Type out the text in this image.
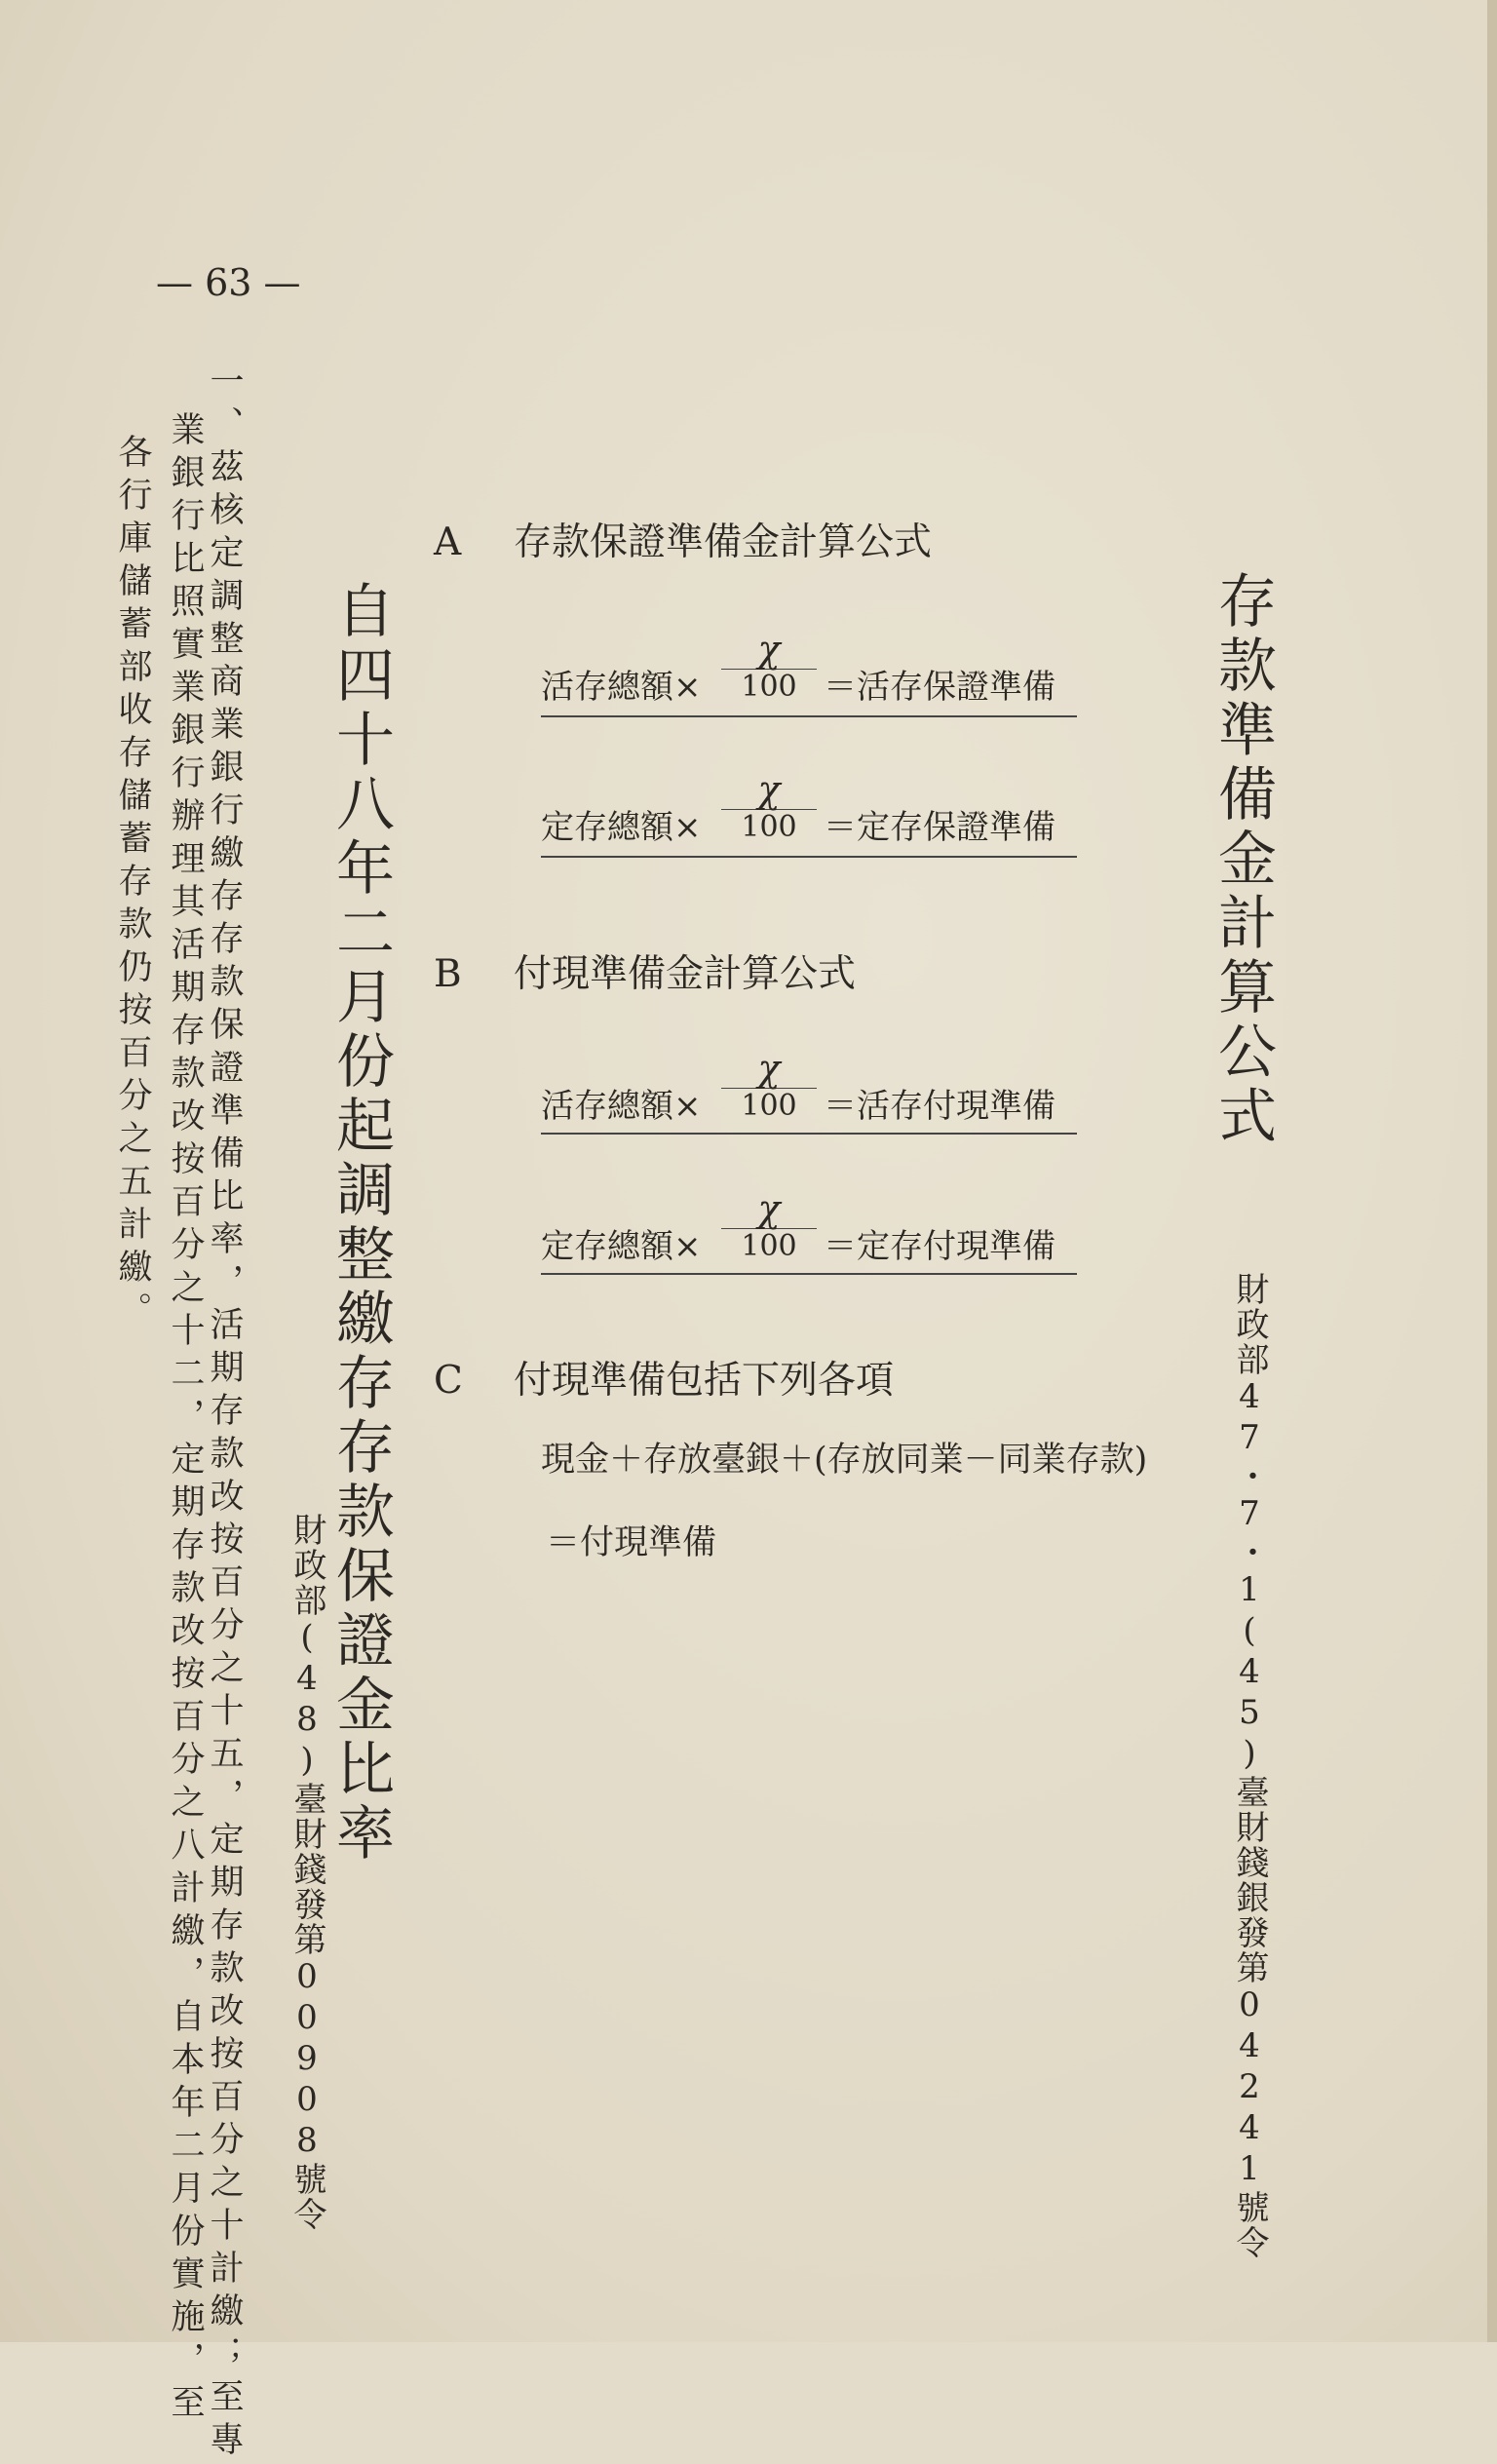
存款準備金計算公式
財政部47・7・1(45)臺財錢銀發第04241號令
A 存款保證準備金計算公式
活存總額×
χ
100 ＝活存保證準備
定存總額×
χ
100 ＝定存保證準備
B 付現準備金計算公式
活存總額×
χ
100 ＝活存付現準備
定存總額×
χ
100 ＝定存付現準備
C 付現準備包括下列各項
現金＋存放臺銀＋(存放同業－同業存款)
＝付現準備
自四十八年二月份起調整繳存存款保證金比率
財政部(48)臺財錢發第00908號令
— 63 —
一、茲核定調整商業銀行繳存存款保證準備比率，活期存款改按百分之十五，定期存款改按百分之十計繳；至專
業銀行比照實業銀行辦理其活期存款改按百分之十二，定期存款改按百分之八計繳，自本年二月份實施，至
各行庫儲蓄部收存儲蓄存款仍按百分之五計繳。
